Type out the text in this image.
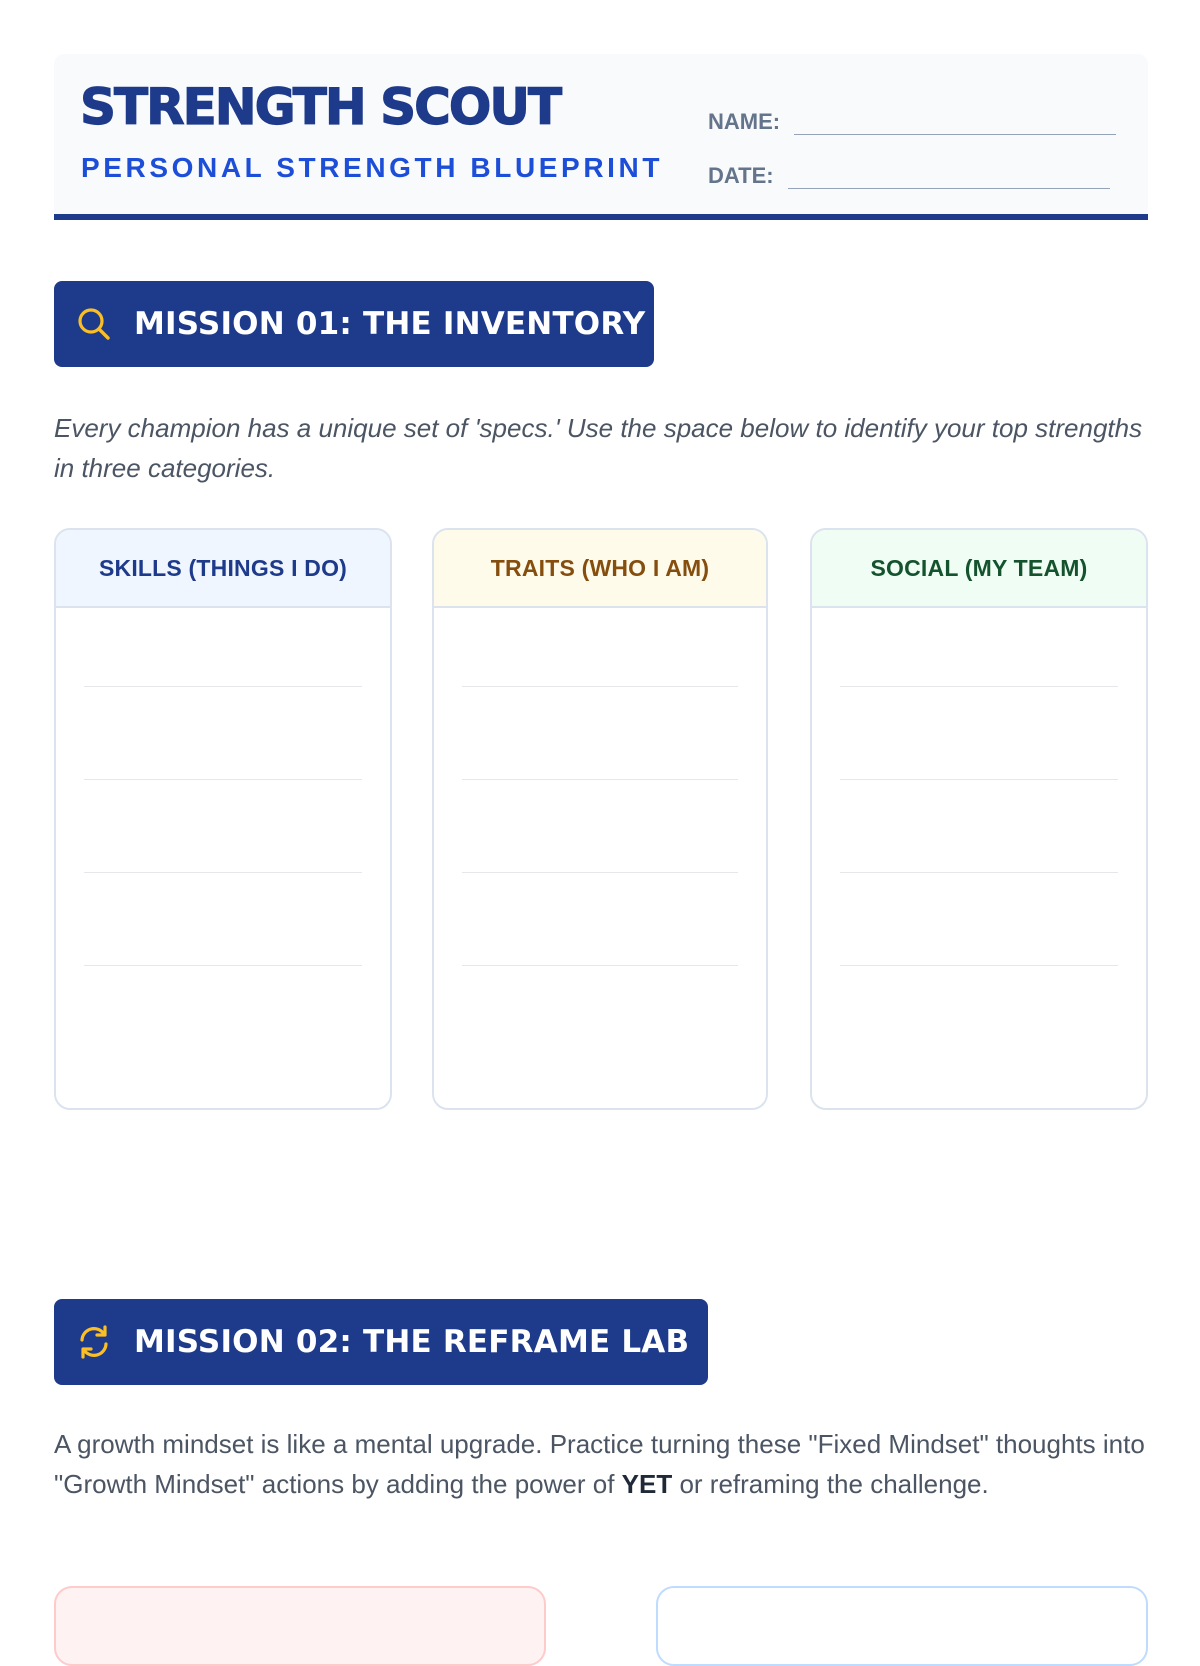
STRENGTH SCOUT
PERSONAL STRENGTH BLUEPRINT
NAME:
DATE:
MISSION 01: THE INVENTORY

Every champion has a unique set of 'specs.' Use the space below to identify your top strengths in three categories.

SKILLS (THINGS I DO)	TRAITS (WHO I AM)	SOCIAL (MY TEAM)
MISSION 02: THE REFRAME LAB

A growth mindset is like a mental upgrade. Practice turning these "Fixed Mindset" thoughts into "Growth Mindset" actions by adding the power of YET or reframing the challenge.
